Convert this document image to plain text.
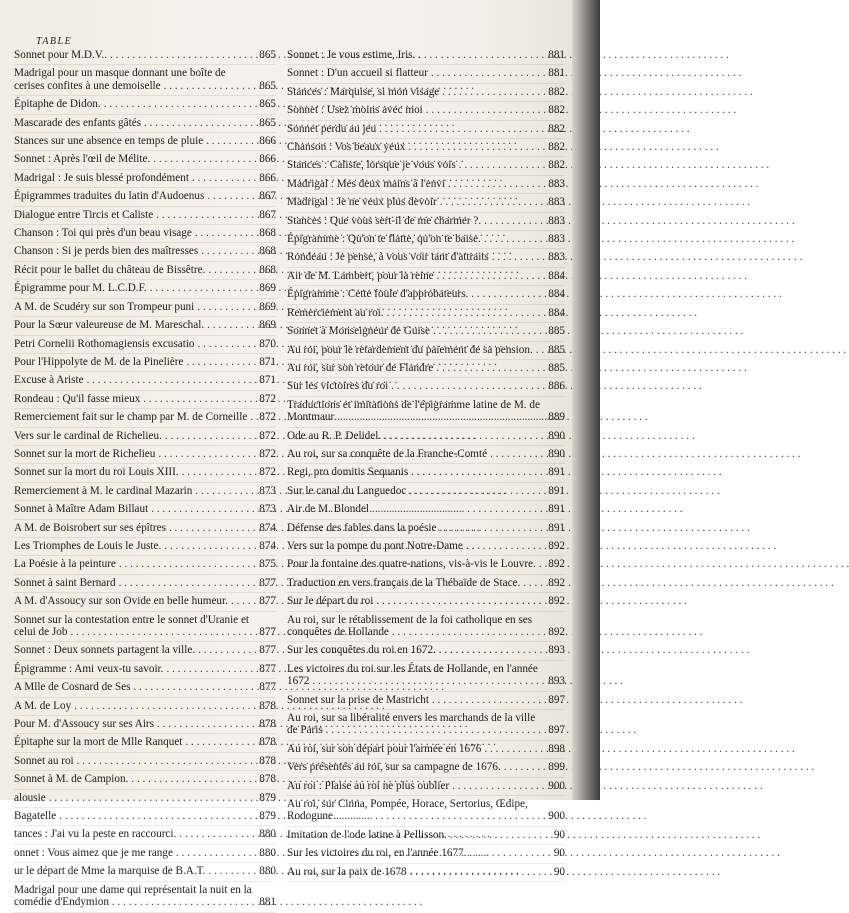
TABLE
Sonnet pour M.D.V.. . . .	865
Madrigal pour un masque donnant une boîte de cerises confites à une demoiselle . . .	865
Épitaphe de Didon. . . .	865
Mascarade des enfants gâtés . . .	865
Stances sur une absence en temps de pluie . . .	866
Sonnet : Après l'œil de Mélite. . . .	866
Madrigal : Je suis blessé profondément . . .	866
Épigrammes traduites du latin d'Audoenus . . .	867
Dialogue entre Tircis et Caliste . . .	867
Chanson : Toi qui près d'un beau visage . . .	868
Chanson : Si je perds bien des maîtresses . . .	868
Récit pour le ballet du château de Bissêtre. . . .	868
Épigramme pour M. L.C.D.F. . . .	869
A M. de Scudéry sur son Trompeur puni . . .	869
Pour la Sœur valeureuse de M. Mareschal. . . .	869
Petri Cornelii Rothomagiensis excusatio . . .	870
Pour l'Hippolyte de M. de la Pinelière . . .	871
Excuse à Ariste . . .	871
Rondeau : Qu'il fasse mieux . . .	872
Remerciement fait sur le champ par M. de Corneille . . .	872
Vers sur le cardinal de Richelieu. . . .	872
Sonnet sur la mort de Richelieu . . .	872
Sonnet sur la mort du roi Louis XIII. . . .	872
Remerciement à M. le cardinal Mazarin . . .	873
Sonnet à Maître Adam Billaut . . .	873
A M. de Boisrobert sur ses épîtres . . .	874
Les Triomphes de Louis le Juste. . . .	874
La Poésie à la peinture . . .	875
Sonnet à saint Bernard . . .	877
A M. d'Assoucy sur son Ovide en belle humeur. . . .	877
Sonnet sur la contestation entre le sonnet d'Uranie et celui de Job . . .	877
Sonnet : Deux sonnets partagent la ville. . . .	877
Épigramme : Ami veux-tu savoir. . . .	877
A Mlle de Cosnard de Ses . . .	877
A M. de Loy . . .	878
Pour M. d'Assoucy sur ses Airs . . .	878
Épitaphe sur la mort de Mlle Ranquet . . .	878
Sonnet au roi . . .	878
Sonnet à M. de Campion. . . .	878
alousie . . .	879
Bagatelle . . .	879
tances : J'ai vu la peste en raccourci. . . .	880
onnet : Vous aimez que je me range . . .	880
ur le départ de Mme la marquise de B.A.T. . . .	880
Madrigal pour une dame qui représentait la nuit en la comédie d'Endymion . . .	881
Sonnet : Je vous estime, Iris. . . .	881
Sonnet : D'un accueil si flatteur . . .	881
Stances : Marquise, si mon visage . . .	882
Sonnet : Usez moins avec moi . . .	882
Sonnet perdu au jeu . . .	882
Chanson : Vos beaux yeux . . .	882
Stances : Caliste, lorsque je vous vois . . .	882
Madrigal : Mes deux mains à l'envi . . .	883
Madrigal : Je ne veux plus devoir . . .	883
Stances : Que vous sert-il de me charmer ?. . . .	883
Épigramme : Qu'on te flatte, qu'on te baise. . . .	883
Rondeau : Je pense, à vous voir tant d'attraits . . .	883
Air de M. Lambert, pour la reine . . .	884
Épigramme : Cette foule d'approbateurs. . . .	884
Remerciement au roi. . . .	884
Sonnet à Monseigneur de Guise . . .	885
Au roi, pour le retardement du paiement de sa pension. . . .	885
Au roi, sur son retour de Flandre . . .	885
Sur les victoires du roi . . .	886
Traductions et imitations de l'épigramme latine de M. de Montmaur . . .	889
Ode au R. P. Delidel. . . .	890
Au roi, sur sa conquête de la Franche-Comté . . .	890
Regi, pro domitis Sequanis . . .	891
Sur le canal du Languedoc . . .	891
Air de M. Blondel . . .	891
Défense des fables dans la poésie . . .	891
Vers sur la pompe du pont Notre-Dame . . .	892
Pour la fontaine des quatre-nations, vis-à-vis le Louvre. . . .	892
Traduction en vers français de la Thébaïde de Stace. . . .	892
Sur le départ du roi . . .	892
Au roi, sur le rétablissement de la foi catholique en ses conquêtes de Hollande . . .	892
Sur les conquêtes du roi en 1672. . . .	893
Les victoires du roi sur les États de Hollande, en l'année 1672 . . .	893
Sonnet sur la prise de Mastricht . . .	897
Au roi, sur sa libéralité envers les marchands de la ville de Paris . . .	897
Au roi, sur son départ pour l'armée en 1676 . . .	898
Vers présentés au roi, sur sa campagne de 1676. . . .	899
Au roi : Plaise au roi ne plus oublier . . .	900
Au roi, sur Cinna, Pompée, Horace, Sertorius, Œdipe, Rodogune . . .	900
Imitation de l'ode latine à Pellisson. . . .	90
Sur les victoires du roi, en l'année 1677. . . .	90
Au roi, sur la paix de 1678 . . .	90
